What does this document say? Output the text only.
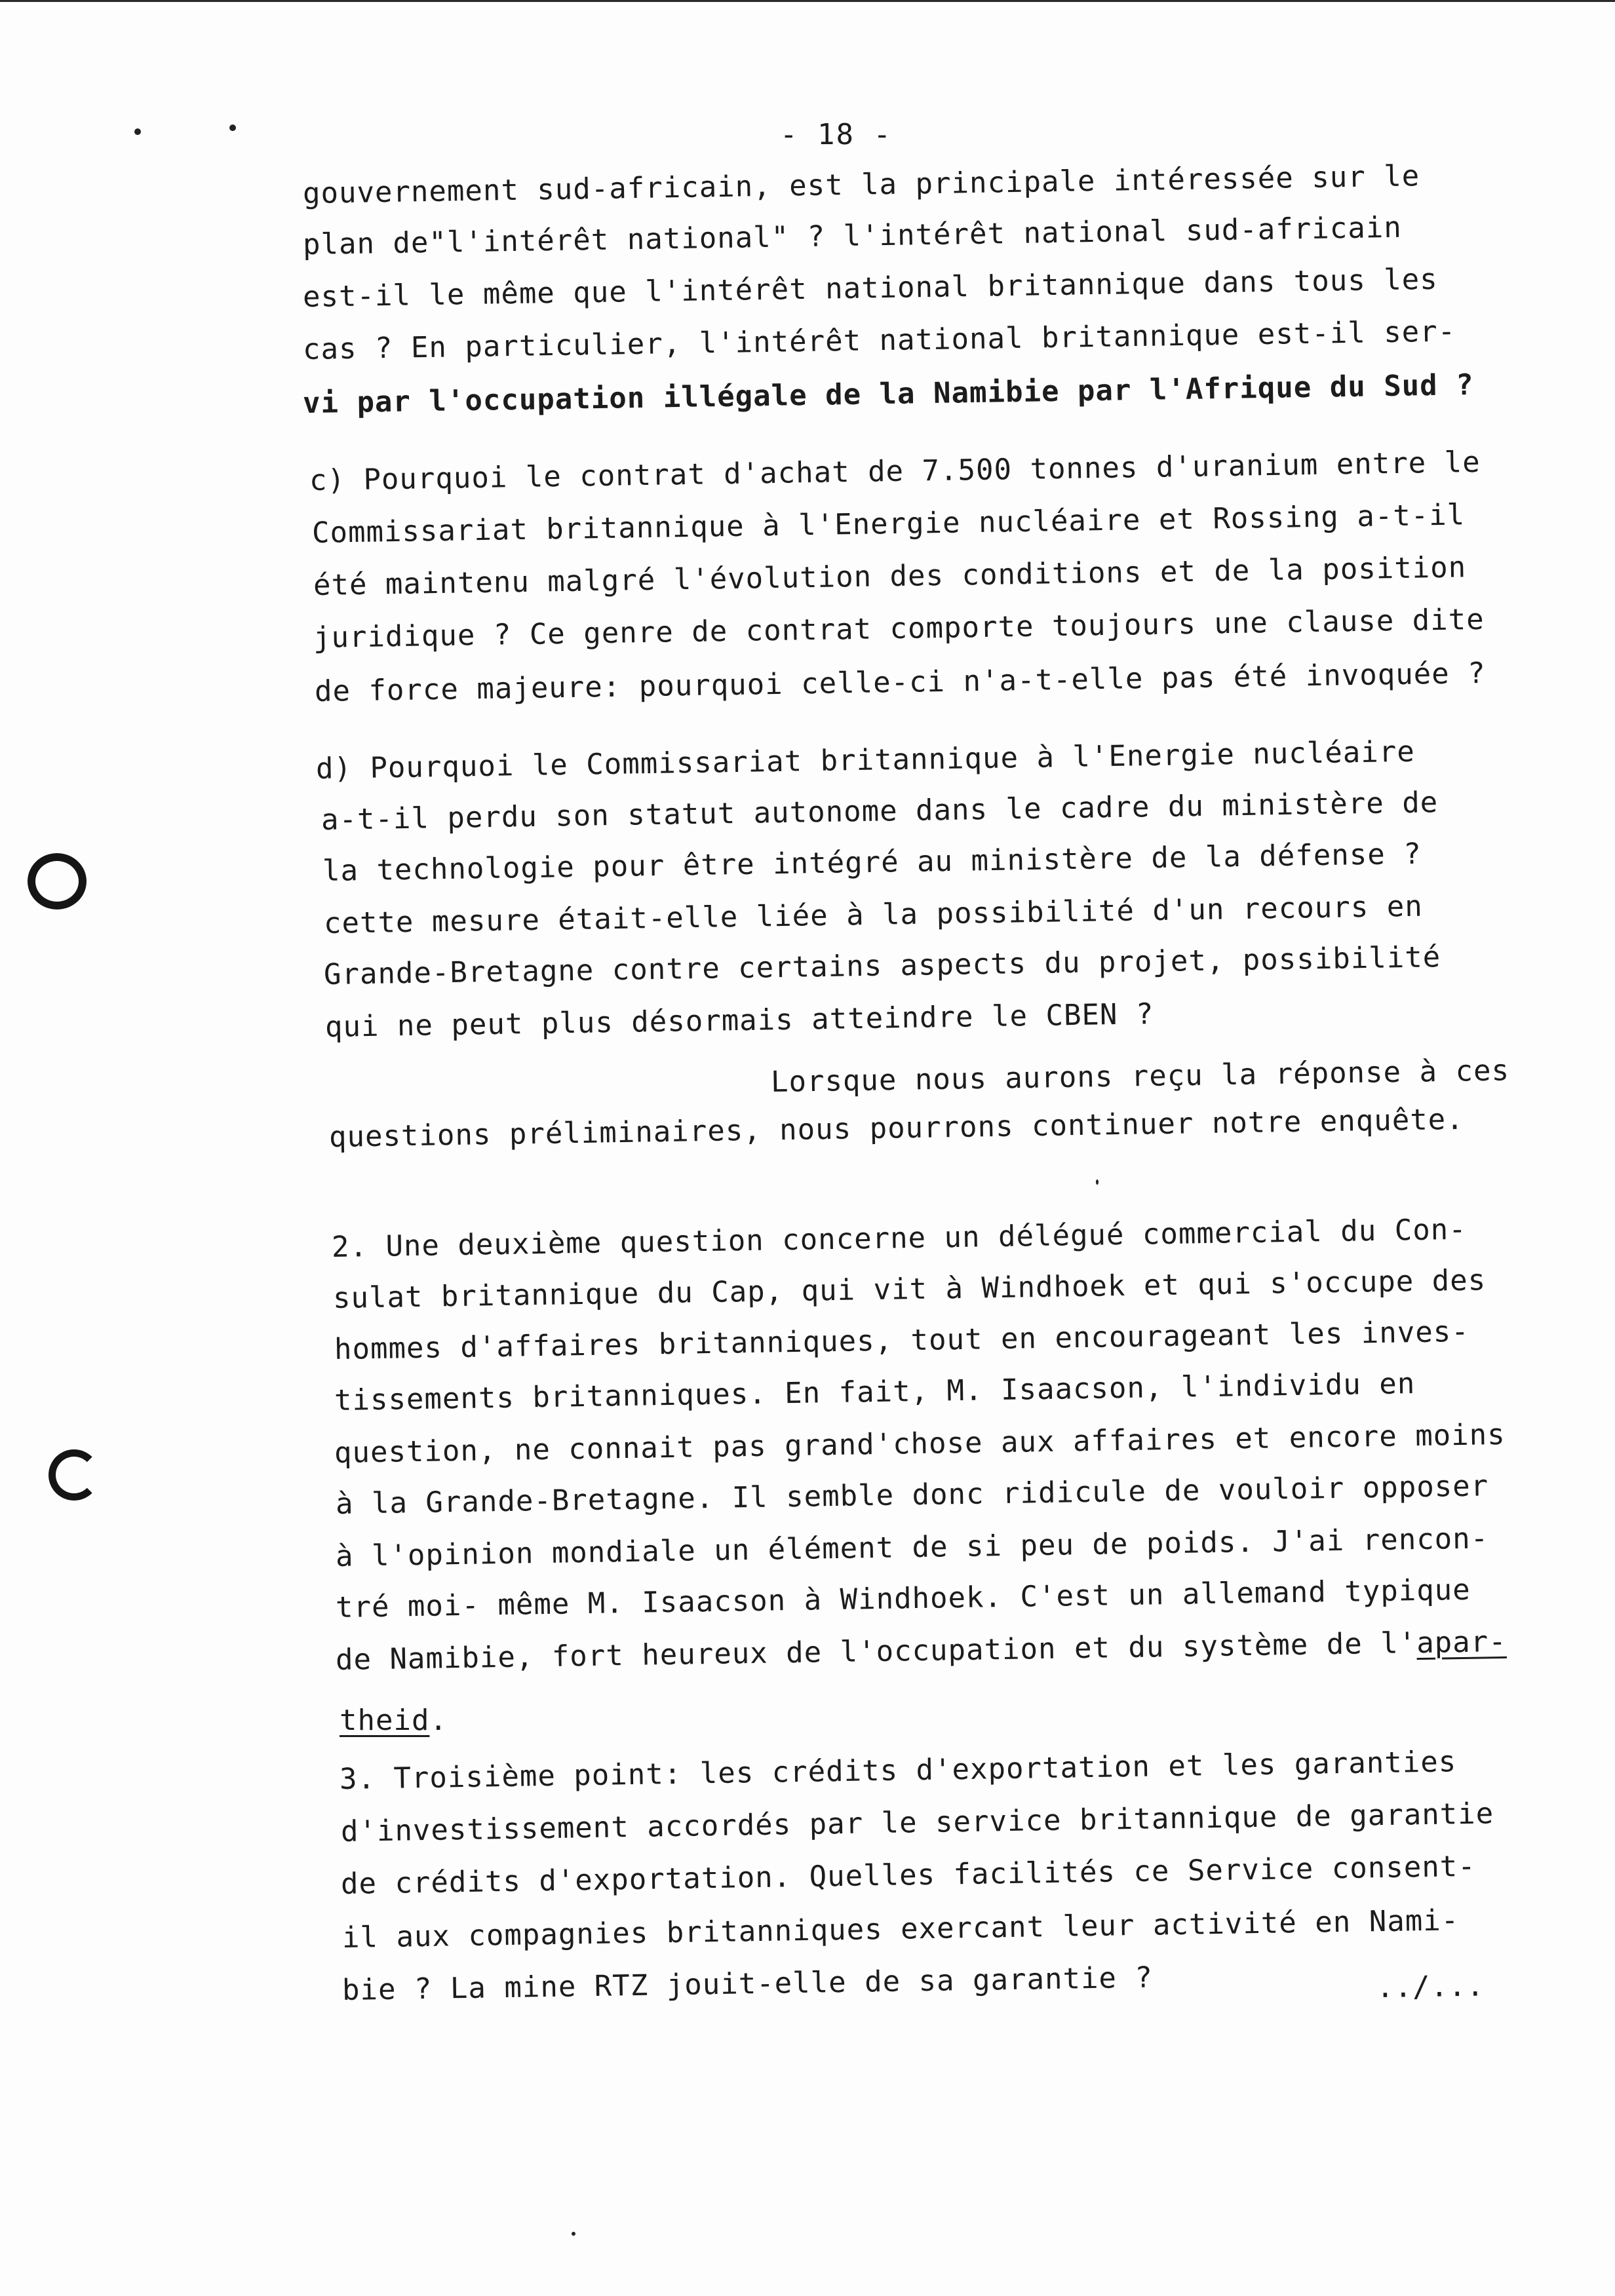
- 18 -
gouvernement sud-africain, est la principale intéressée sur le
plan de"l'intérêt national" ? l'intérêt national sud-africain
est-il le même que l'intérêt national britannique dans tous les
cas ? En particulier, l'intérêt national britannique est-il ser-
vi par l'occupation illégale de la Namibie par l'Afrique du Sud ?
c) Pourquoi le contrat d'achat de 7.500 tonnes d'uranium entre le
Commissariat britannique à l'Energie nucléaire et Rossing a-t-il
été maintenu malgré l'évolution des conditions et de la position
juridique ? Ce genre de contrat comporte toujours une clause dite
de force majeure: pourquoi celle-ci n'a-t-elle pas été invoquée ?
d) Pourquoi le Commissariat britannique à l'Energie nucléaire
a-t-il perdu son statut autonome dans le cadre du ministère de
la technologie pour être intégré au ministère de la défense ?
cette mesure était-elle liée à la possibilité d'un recours en
Grande-Bretagne contre certains aspects du projet, possibilité
qui ne peut plus désormais atteindre le CBEN ?
Lorsque nous aurons reçu la réponse à ces
questions préliminaires, nous pourrons continuer notre enquête.
2. Une deuxième question concerne un délégué commercial du Con-
sulat britannique du Cap, qui vit à Windhoek et qui s'occupe des
hommes d'affaires britanniques, tout en encourageant les inves-
tissements britanniques. En fait, M. Isaacson, l'individu en
question, ne connait pas grand'chose aux affaires et encore moins
à la Grande-Bretagne. Il semble donc ridicule de vouloir opposer
à l'opinion mondiale un élément de si peu de poids. J'ai rencon-
tré moi- même M. Isaacson à Windhoek. C'est un allemand typique
de Namibie, fort heureux de l'occupation et du système de l'apar-
theid.
3. Troisième point: les crédits d'exportation et les garanties
d'investissement accordés par le service britannique de garantie
de crédits d'exportation. Quelles facilités ce Service consent-
il aux compagnies britanniques exercant leur activité en Nami-
bie ? La mine RTZ jouit-elle de sa garantie ?	../...
